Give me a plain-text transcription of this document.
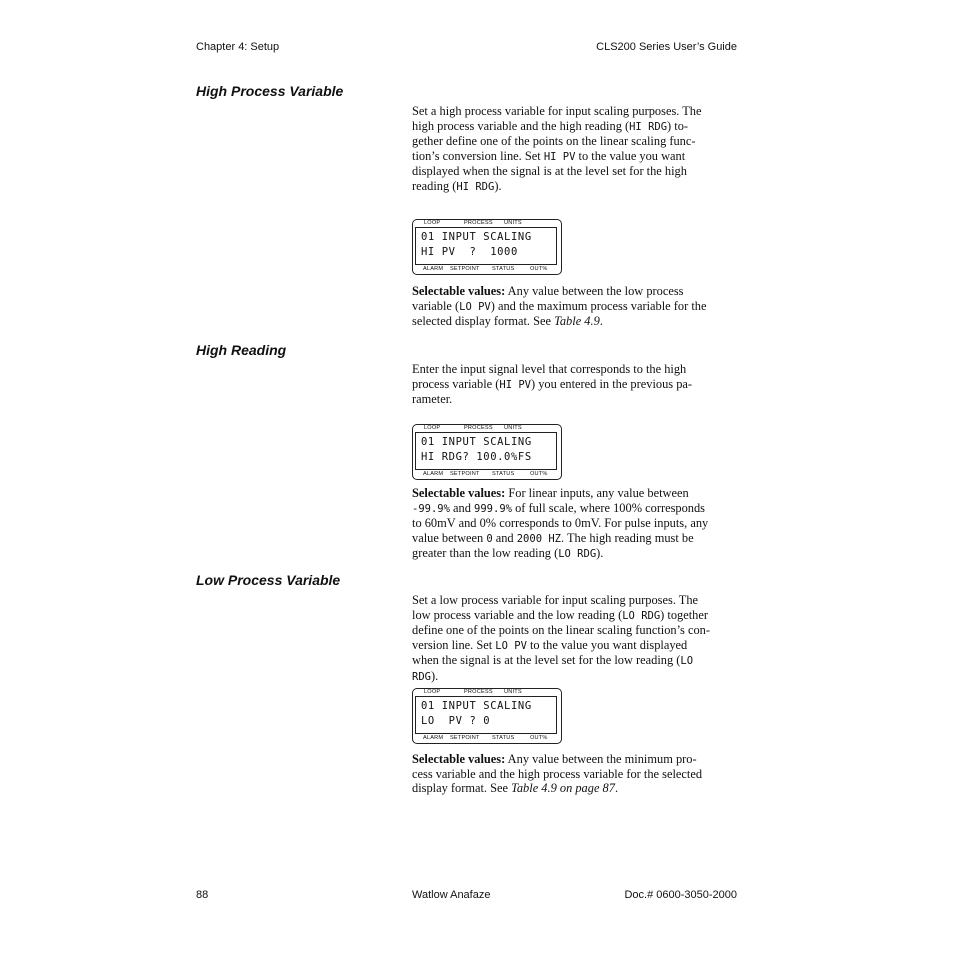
Chapter 4: Setup	CLS200 Series User’s Guide
High Process Variable
Set a high process variable for input scaling purposes. The
high process variable and the high reading (HI RDG) to-
gether define one of the points on the linear scaling func-
tion’s conversion line. Set HI PV to the value you want
displayed when the signal is at the level set for the high
reading (HI RDG).
LOOP	PROCESS UNITS
01 INPUT SCALING
HI PV  ?  1000
ALARM SETPOINT STATUS	OUT%
Selectable values: Any value between the low process
variable (LO PV) and the maximum process variable for the
selected display format. See Table 4.9.
High Reading
Enter the input signal level that corresponds to the high
process variable (HI PV) you entered in the previous pa-
rameter.
LOOP	PROCESS UNITS
01 INPUT SCALING
HI RDG? 100.0%FS
ALARM SETPOINT STATUS	OUT%
Selectable values: For linear inputs, any value between
-99.9% and 999.9% of full scale, where 100% corresponds
to 60mV and 0% corresponds to 0mV. For pulse inputs, any
value between 0 and 2000 HZ. The high reading must be
greater than the low reading (LO RDG).
Low Process Variable
Set a low process variable for input scaling purposes. The
low process variable and the low reading (LO RDG) together
define one of the points on the linear scaling function’s con-
version line. Set LO PV to the value you want displayed
when the signal is at the level set for the low reading (LO
RDG).
LOOP	PROCESS UNITS
01 INPUT SCALING
LO  PV ? 0
ALARM SETPOINT STATUS	OUT%
Selectable values: Any value between the minimum pro-
cess variable and the high process variable for the selected
display format. See Table 4.9 on page 87.
88	Watlow Anafaze	Doc.# 0600-3050-2000
